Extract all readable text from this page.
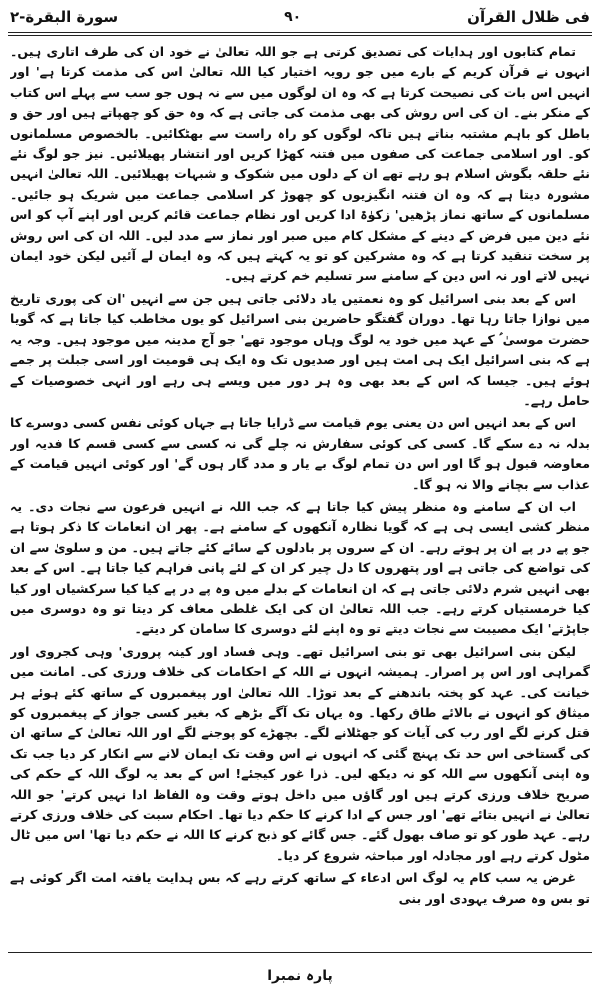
فی ظلال القرآن
۹۰
سورة البقرة-۲

تمام کتابوں اور ہدایات کی تصدیق کرتی ہے جو اللہ تعالیٰ نے خود ان کی طرف اتاری ہیں۔ انہوں نے قرآن کریم کے بارے میں جو رویہ اختیار کیا اللہ تعالیٰ اس کی مذمت کرتا ہے' اور انہیں اس بات کی نصیحت کرتا ہے کہ وہ ان لوگوں میں سے نہ ہوں جو سب سے پہلے اس کتاب کے منکر بنے۔ ان کی اس روش کی بھی مذمت کی جاتی ہے کہ وہ حق کو چھپاتے ہیں اور حق و باطل کو باہم مشتبہ بناتے ہیں تاکہ لوگوں کو راہ راست سے بھٹکائیں۔ بالخصوص مسلمانوں کو۔ اور اسلامی جماعت کی صفوں میں فتنہ کھڑا کریں اور انتشار پھیلائیں۔ نیز جو لوگ نئے نئے حلقہ بگوش اسلام ہو رہے تھے ان کے دلوں میں شکوک و شبہات پھیلائیں۔ اللہ تعالیٰ انہیں مشورہ دیتا ہے کہ وہ ان فتنہ انگیزیوں کو چھوڑ کر اسلامی جماعت میں شریک ہو جائیں۔ مسلمانوں کے ساتھ نماز پڑھیں' زکوٰۃ ادا کریں اور نظام جماعت قائم کریں اور اپنے آپ کو اس نئے دین میں فرض کے دینے کے مشکل کام میں صبر اور نماز سے مدد لیں۔ اللہ ان کی اس روش پر سخت تنقید کرتا ہے کہ وہ مشرکین کو تو یہ کہتے ہیں کہ وہ ایمان لے آئیں لیکن خود ایمان نہیں لاتے اور نہ اس دین کے سامنے سر تسلیم خم کرتے ہیں۔

اس کے بعد بنی اسرائیل کو وہ نعمتیں یاد دلائی جاتی ہیں جن سے انہیں 'ان کی پوری تاریخ میں نوازا جاتا رہا تھا۔ دوران گفتگو حاضرین بنی اسرائیل کو یوں مخاطب کیا جاتا ہے کہ گویا حضرت موسیٰ ؑ کے عہد میں خود یہ لوگ وہاں موجود تھے' جو آج مدینہ میں موجود ہیں۔ وجہ یہ ہے کہ بنی اسرائیل ایک ہی امت ہیں اور صدیوں تک وہ ایک ہی قومیت اور اسی جبلت پر جمے ہوئے ہیں۔ جیسا کہ اس کے بعد بھی وہ ہر دور میں ویسے ہی رہے اور انہی خصوصیات کے حامل رہے۔

اس کے بعد انہیں اس دن یعنی یوم قیامت سے ڈرایا جاتا ہے جہاں کوئی نفس کسی دوسرے کا بدلہ نہ دے سکے گا۔ کسی کی کوئی سفارش نہ چلے گی نہ کسی سے کسی قسم کا فدیہ اور معاوضہ قبول ہو گا اور اس دن تمام لوگ بے یار و مدد گار ہوں گے' اور کوئی انہیں قیامت کے عذاب سے بچانے والا نہ ہو گا۔

اب ان کے سامنے وہ منظر پیش کیا جاتا ہے کہ جب اللہ نے انہیں فرعون سے نجات دی۔ یہ منظر کشی ایسی ہی ہے کہ گویا نظارہ آنکھوں کے سامنے ہے۔ پھر ان انعامات کا ذکر ہوتا ہے جو پے در پے ان پر ہوتے رہے۔ ان کے سروں پر بادلوں کے سائے کئے جاتے ہیں۔ من و سلویٰ سے ان کی تواضع کی جاتی ہے اور پتھروں کا دل چیر کر ان کے لئے پانی فراہم کیا جاتا ہے۔ اس کے بعد بھی انہیں شرم دلائی جاتی ہے کہ ان انعامات کے بدلے میں وہ پے در پے کیا کیا سرکشیاں اور کیا کیا خرمستیاں کرتے رہے۔ جب اللہ تعالیٰ ان کی ایک غلطی معاف کر دیتا تو وہ دوسری میں جاپڑتے' ایک مصیبت سے نجات دیتے تو وہ اپنے لئے دوسری کا سامان کر دیتے۔

لیکن بنی اسرائیل بھی تو بنی اسرائیل تھے۔ وہی فساد اور کینہ پروری' وہی کجروی اور گمراہی اور اس پر اصرار۔ ہمیشہ انہوں نے اللہ کے احکامات کی خلاف ورزی کی۔ امانت میں خیانت کی۔ عہد کو پختہ باندھنے کے بعد توڑا۔ اللہ تعالیٰ اور پیغمبروں کے ساتھ کئے ہوئے ہر میثاق کو انہوں نے بالائے طاق رکھا۔ وہ یہاں تک آگے بڑھے کہ بغیر کسی جواز کے پیغمبروں کو قتل کرنے لگے اور رب کی آیات کو جھٹلانے لگے۔ بچھڑے کو پوجنے لگے اور اللہ تعالیٰ کے ساتھ ان کی گستاخی اس حد تک پہنچ گئی کہ انہوں نے اس وقت تک ایمان لانے سے انکار کر دیا جب تک وہ اپنی آنکھوں سے اللہ کو نہ دیکھ لیں۔ ذرا غور کیجئے! اس کے بعد یہ لوگ اللہ کے حکم کی صریح خلاف ورزی کرتے ہیں اور گاؤں میں داخل ہوتے وقت وہ الفاظ ادا نہیں کرتے' جو اللہ تعالیٰ نے انہیں بتائے تھے' اور جس کے ادا کرنے کا حکم دیا تھا۔ احکام سبت کی خلاف ورزی کرتے رہے۔ عہد طور کو تو صاف بھول گئے۔ جس گائے کو ذبح کرنے کا اللہ نے حکم دیا تھا' اس میں ٹال مٹول کرتے رہے اور مجادلہ اور مباحثہ شروع کر دیا۔

غرض یہ سب کام یہ لوگ اس ادعاء کے ساتھ کرتے رہے کہ بس ہدایت یافتہ امت اگر کوئی ہے تو بس وہ صرف یہودی اور بنی

پارہ نمبرا
